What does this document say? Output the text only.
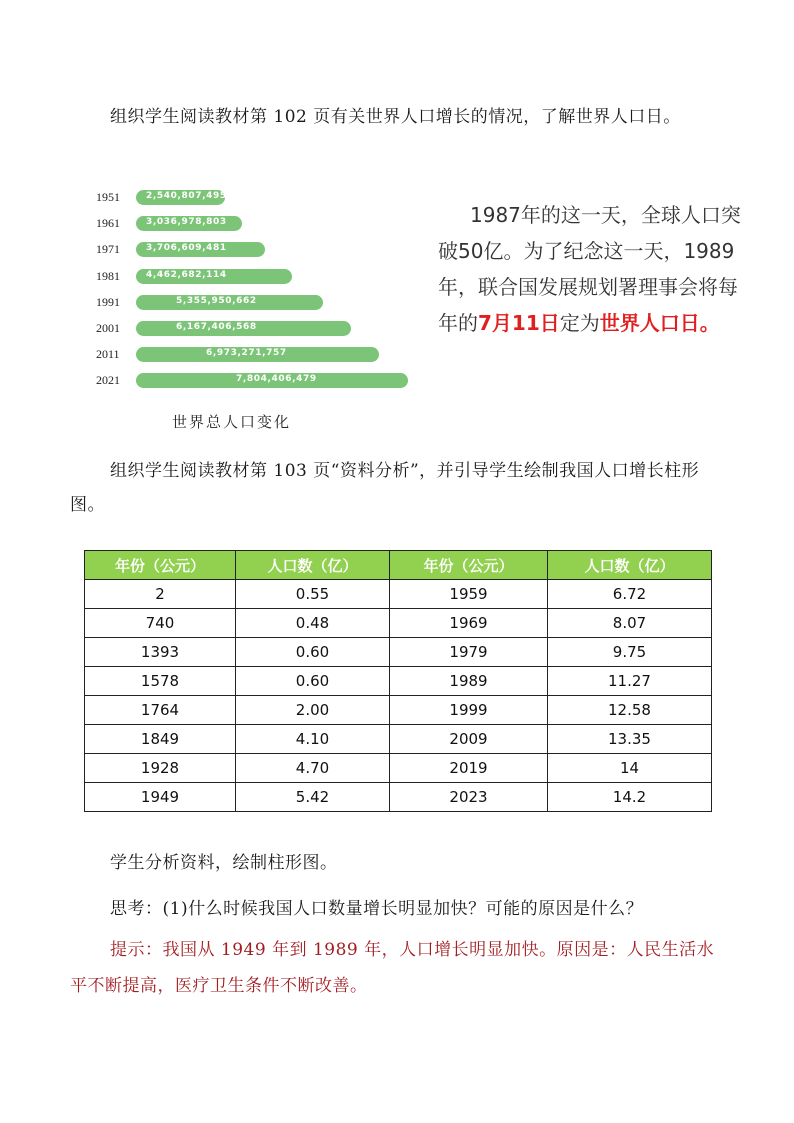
组织学生阅读教材第 102 页有关世界人口增长的情况，了解世界人口日。

1951	2,540,807,495
1961	3,036,978,803
1971	3,706,609,481
1981	4,462,682,114
1991	5,355,950,662
2001	6,167,406,568
2011	6,973,271,757
2021	7,804,406,479
世界总人口变化
1987年的这一天，全球人口突破50亿。为了纪念这一天，1989年，联合国发展规划署理事会将每年的7月11日定为世界人口日。

组织学生阅读教材第 103 页“资料分析”，并引导学生绘制我国人口增长柱形图。

年份（公元）	人口数（亿）	年份（公元）	人口数（亿）
2	0.55	1959	6.72
740	0.48	1969	8.07
1393	0.60	1979	9.75
1578	0.60	1989	11.27
1764	2.00	1999	12.58
1849	4.10	2009	13.35
1928	4.70	2019	14
1949	5.42	2023	14.2

学生分析资料，绘制柱形图。

思考：(1)什么时候我国人口数量增长明显加快？可能的原因是什么？

提示：我国从 1949 年到 1989 年，人口增长明显加快。原因是：人民生活水平不断提高，医疗卫生条件不断改善。
